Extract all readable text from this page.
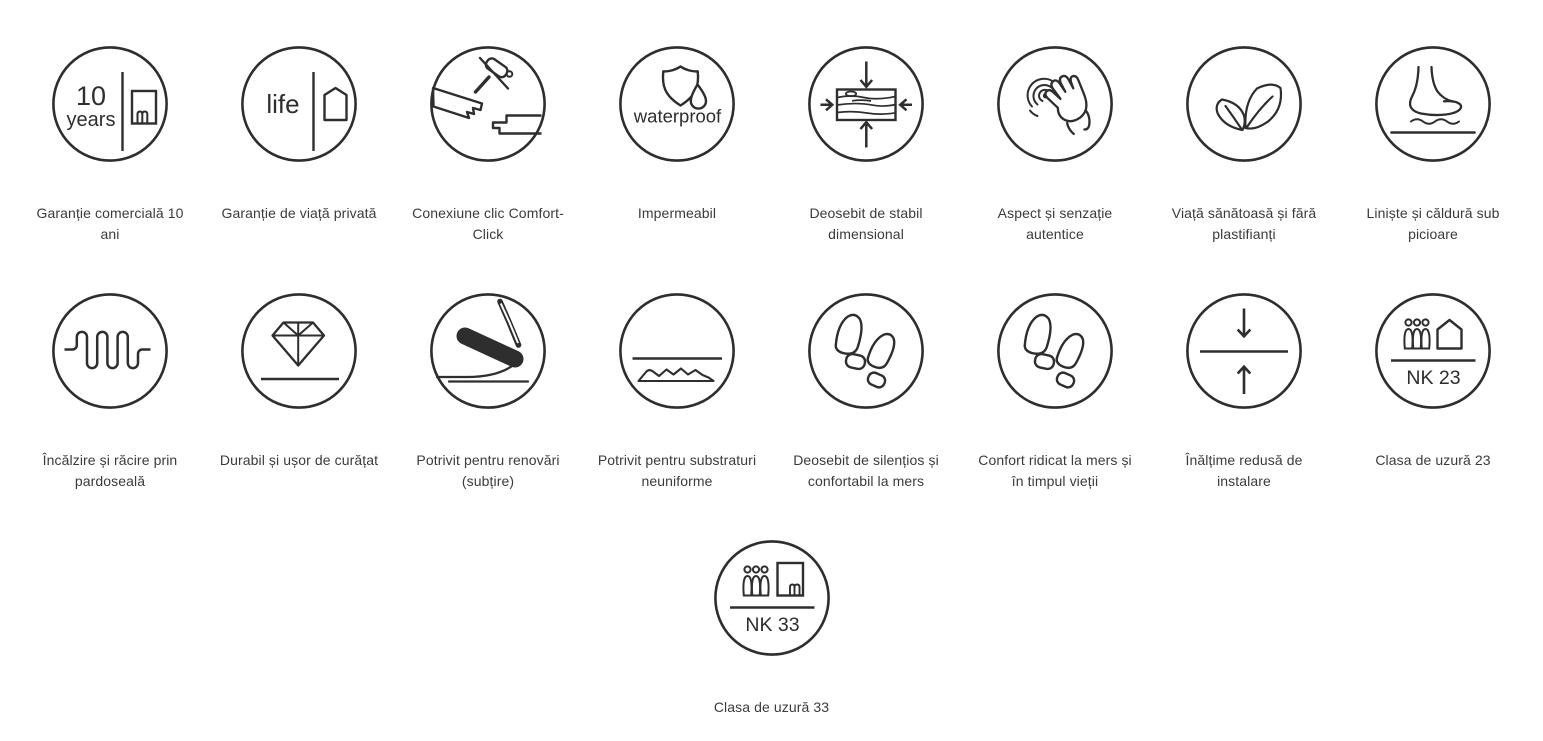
10
years
Garanție comercială 10 ani
life
Garanție de viață privată	Conexiune clic Comfort-Click
waterproof
Impermeabil	Deosebit de stabil dimensional
Aspect și senzație autentice
Viață sănătoasă și fără plastifianți
Liniște și căldură sub picioare
Încălzire și răcire prin pardoseală
Durabil și ușor de curățat	Potrivit pentru renovări (subțire)
Potrivit pentru substraturi neuniforme
Deosebit de silențios și confortabil la mers
Confort ridicat la mers și în timpul vieții
Înălțime redusă de instalare
NK 23
Clasa de uzură 23
NK 33
Clasa de uzură 33
